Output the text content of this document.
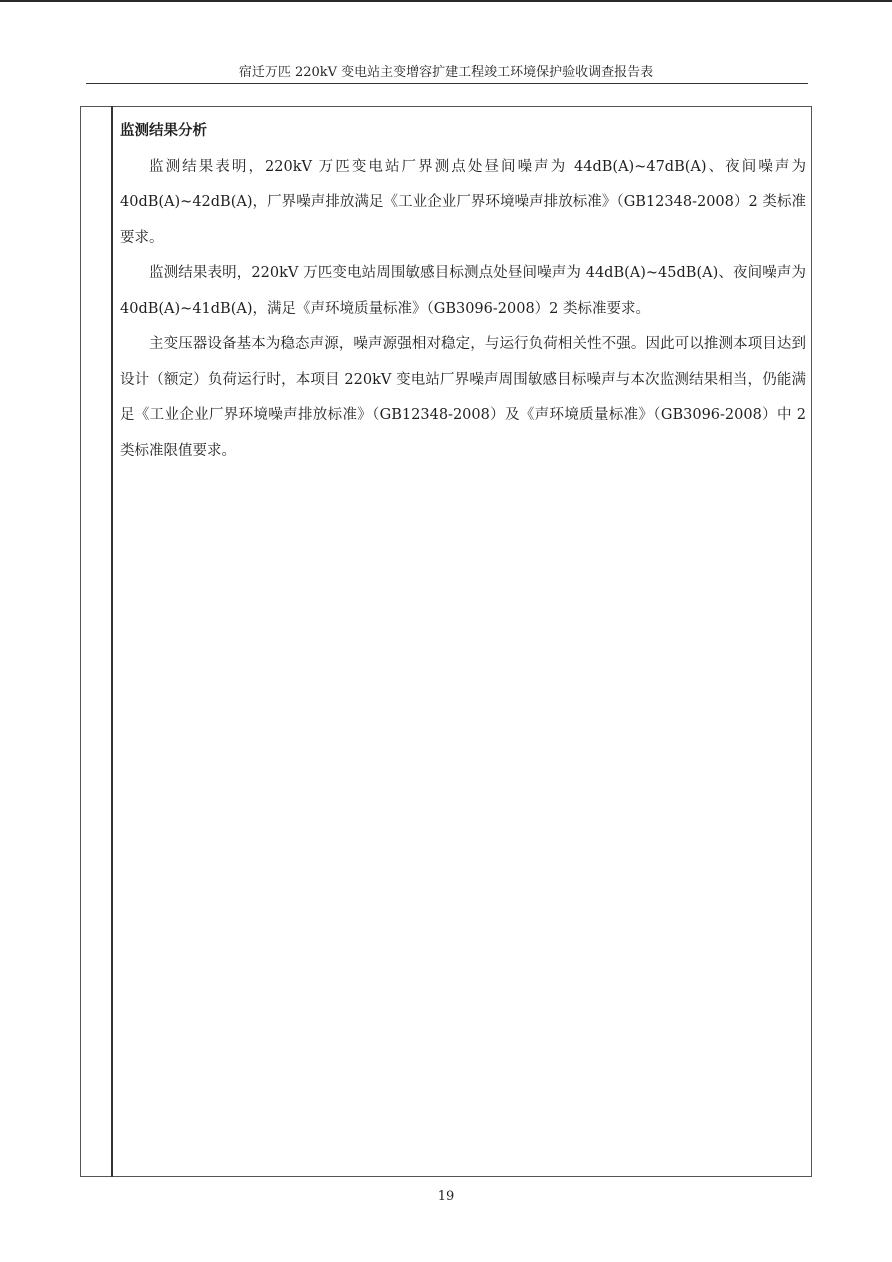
宿迁万匹 220kV 变电站主变增容扩建工程竣工环境保护验收调查报告表

监测结果分析

监测结果表明，220kV 万匹变电站厂界测点处昼间噪声为 44dB(A)~47dB(A)、夜间噪声为 40dB(A)~42dB(A)，厂界噪声排放满足《工业企业厂界环境噪声排放标准》（GB12348-2008）2 类标准要求。

监测结果表明，220kV 万匹变电站周围敏感目标测点处昼间噪声为 44dB(A)~45dB(A)、夜间噪声为 40dB(A)~41dB(A)，满足《声环境质量标准》（GB3096-2008）2 类标准要求。

主变压器设备基本为稳态声源，噪声源强相对稳定，与运行负荷相关性不强。因此可以推测本项目达到设计（额定）负荷运行时，本项目 220kV 变电站厂界噪声周围敏感目标噪声与本次监测结果相当，仍能满足《工业企业厂界环境噪声排放标准》（GB12348-2008）及《声环境质量标准》（GB3096-2008）中 2 类标准限值要求。

19
